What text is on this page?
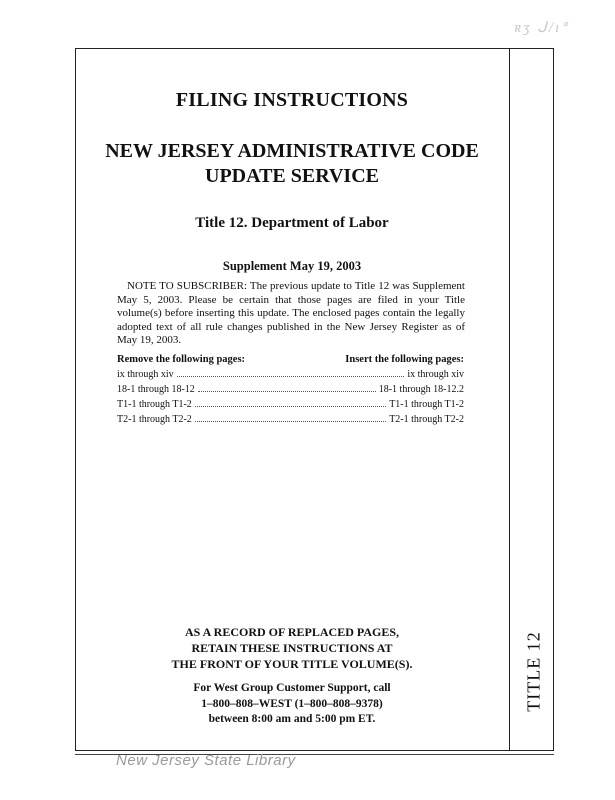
ʀʒ ᒍ/ıᐤ
TITLE 12
FILING INSTRUCTIONS
NEW JERSEY ADMINISTRATIVE CODE
UPDATE SERVICE
Title 12. Department of Labor
Supplement May 19, 2003
NOTE TO SUBSCRIBER: The previous update to Title 12 was Supplement May 5, 2003. Please be certain that those pages are filed in your Title volume(s) before inserting this update. The enclosed pages contain the legally adopted text of all rule changes published in the New Jersey Register as of May 19, 2003.
Remove the following pages:	Insert the following pages:
ix through xiv	ix through xiv
18-1 through 18-12	18-1 through 18-12.2
T1-1 through T1-2	T1-1 through T1-2
T2-1 through T2-2	T2-1 through T2-2
AS A RECORD OF REPLACED PAGES,
RETAIN THESE INSTRUCTIONS AT
THE FRONT OF YOUR TITLE VOLUME(S).
For West Group Customer Support, call
1–800–808–WEST (1–800–808–9378)
between 8:00 am and 5:00 pm ET.
New Jersey State Library
